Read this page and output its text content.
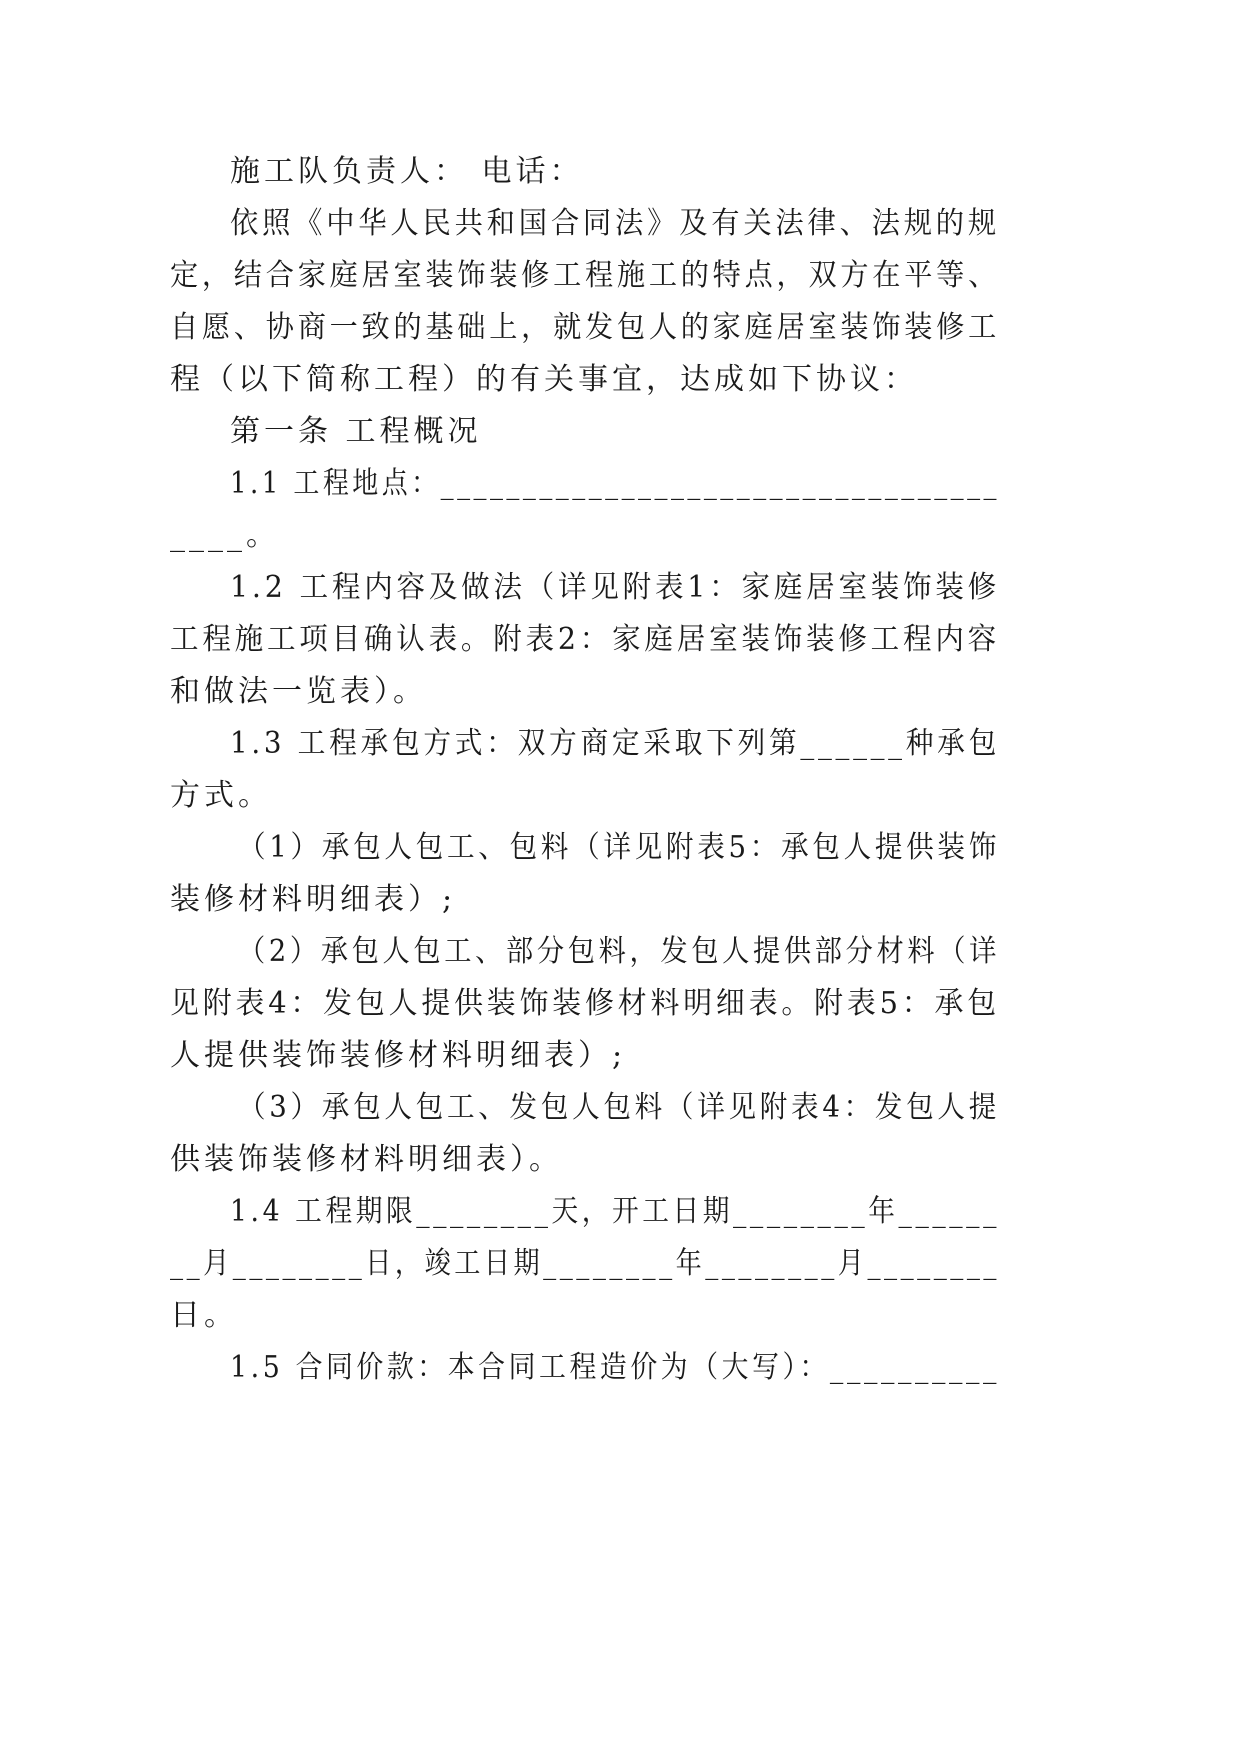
施工队负责人： 电话：
依照《中华人民共和国合同法》及有关法律、法规的规
定，结合家庭居室装饰装修工程施工的特点，双方在平等、
自愿、协商一致的基础上，就发包人的家庭居室装饰装修工
程（以下简称工程）的有关事宜，达成如下协议：
第一条 工程概况
1.1 工程地点：__________________________________
____。
1.2 工程内容及做法（详见附表1：家庭居室装饰装修
工程施工项目确认表。附表2：家庭居室装饰装修工程内容
和做法一览表）。
1.3 工程承包方式：双方商定采取下列第______种承包
方式。
（1）承包人包工、包料（详见附表5：承包人提供装饰
装修材料明细表）;
（2）承包人包工、部分包料，发包人提供部分材料（详
见附表4：发包人提供装饰装修材料明细表。附表5：承包
人提供装饰装修材料明细表）;
（3）承包人包工、发包人包料（详见附表4：发包人提
供装饰装修材料明细表）。
1.4 工程期限________天，开工日期________年______
__月________日，竣工日期________年________月________
日。
1.5 合同价款：本合同工程造价为（大写）：__________
